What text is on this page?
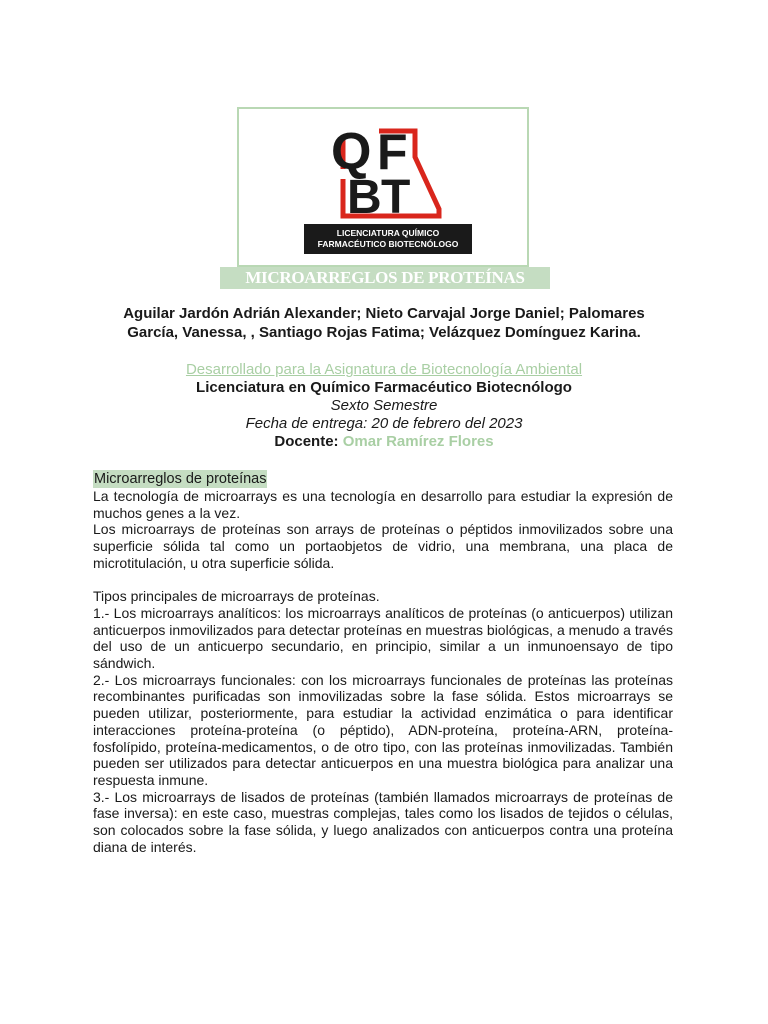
Q F
B T
LICENCIATURA QUÍMICO
FARMACÉUTICO BIOTECNÓLOGO
MICROARREGLOS DE PROTEÍNAS
Aguilar Jardón Adrián Alexander; Nieto Carvajal Jorge Daniel; Palomares García, Vanessa, , Santiago Rojas Fatima; Velázquez Domínguez Karina.
Desarrollado para la Asignatura de Biotecnología Ambiental
Licenciatura en Químico Farmacéutico Biotecnólogo
Sexto Semestre
Fecha de entrega: 20 de febrero del 2023
Docente: Omar Ramírez Flores
Microarreglos de proteínas

La tecnología de microarrays es una tecnología en desarrollo para estudiar la expresión de muchos genes a la vez.

Los microarrays de proteínas son arrays de proteínas o péptidos inmovilizados sobre una superficie sólida tal como un portaobjetos de vidrio, una membrana, una placa de microtitulación, u otra superficie sólida.

Tipos principales de microarrays de proteínas.

1.- Los microarrays analíticos: los microarrays analíticos de proteínas (o anticuerpos) utilizan anticuerpos inmovilizados para detectar proteínas en muestras biológicas, a menudo a través del uso de un anticuerpo secundario, en principio, similar a un inmunoensayo de tipo sándwich.

2.- Los microarrays funcionales: con los microarrays funcionales de proteínas las proteínas recombinantes purificadas son inmovilizadas sobre la fase sólida. Estos microarrays se pueden utilizar, posteriormente, para estudiar la actividad enzimática o para identificar interacciones proteína-proteína (o péptido), ADN-proteína, proteína-ARN, proteína-fosfolípido, proteína-medicamentos, o de otro tipo, con las proteínas inmovilizadas. También pueden ser utilizados para detectar anticuerpos en una muestra biológica para analizar una respuesta inmune.

3.- Los microarrays de lisados de proteínas (también llamados microarrays de proteínas de fase inversa): en este caso, muestras complejas, tales como los lisados de tejidos o células, son colocados sobre la fase sólida, y luego analizados con anticuerpos contra una proteína diana de interés.
